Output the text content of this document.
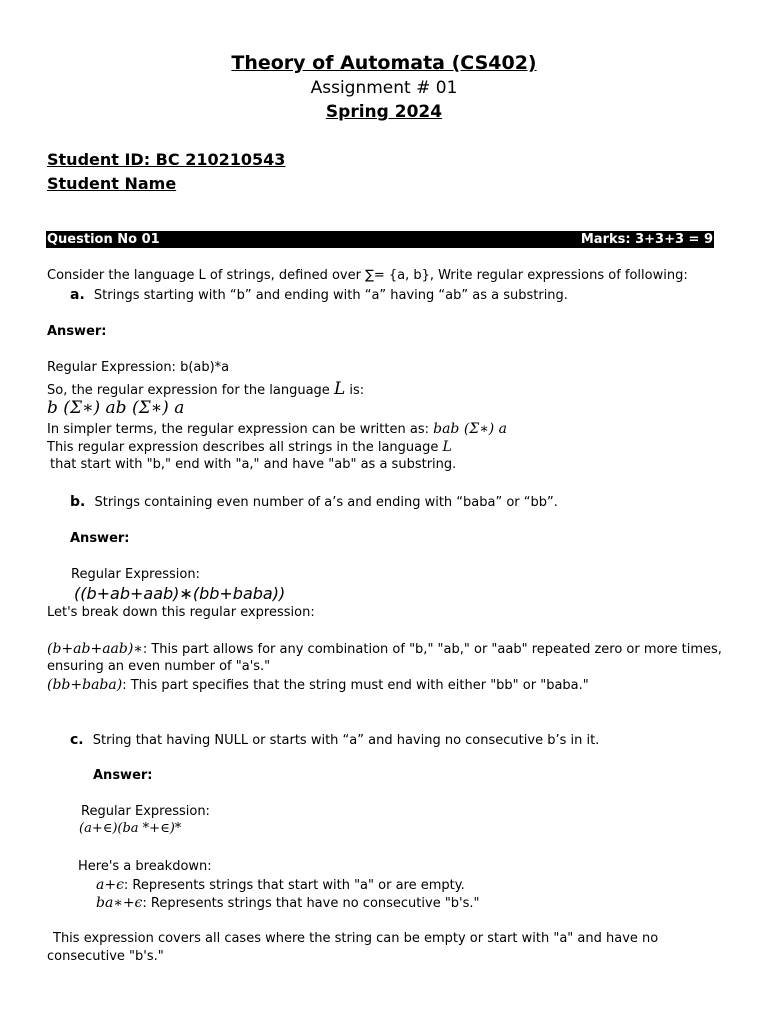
Theory of Automata (CS402)
Assignment # 01
Spring 2024
Student ID: BC 210210543
Student Name
Question No 01	Marks: 3+3+3 = 9
Consider the language L of strings, defined over ∑= {a, b}, Write regular expressions of following:
a. Strings starting with “b” and ending with “a” having “ab” as a substring.
Answer:
Regular Expression: b(ab)*a
So, the regular expression for the language L is:
b (Σ∗) ab (Σ∗) a
In simpler terms, the regular expression can be written as: bab (Σ∗) a
This regular expression describes all strings in the language L
that start with "b," end with "a," and have "ab" as a substring.
b. Strings containing even number of a’s and ending with “baba” or “bb”.
Answer:
Regular Expression:
((b+ab+aab)∗(bb+baba))
Let's break down this regular expression:
(b+ab+aab)∗: This part allows for any combination of "b," "ab," or "aab" repeated zero or more times,
ensuring an even number of "a's."
(bb+baba): This part specifies that the string must end with either "bb" or "baba."
c. String that having NULL or starts with “a” and having no consecutive b’s in it.
Answer:
Regular Expression:
(a+∈)(ba *+∈)*
Here's a breakdown:
a+ϵ: Represents strings that start with "a" or are empty.
ba∗+ϵ: Represents strings that have no consecutive "b's."
This expression covers all cases where the string can be empty or start with "a" and have no
consecutive "b's."
